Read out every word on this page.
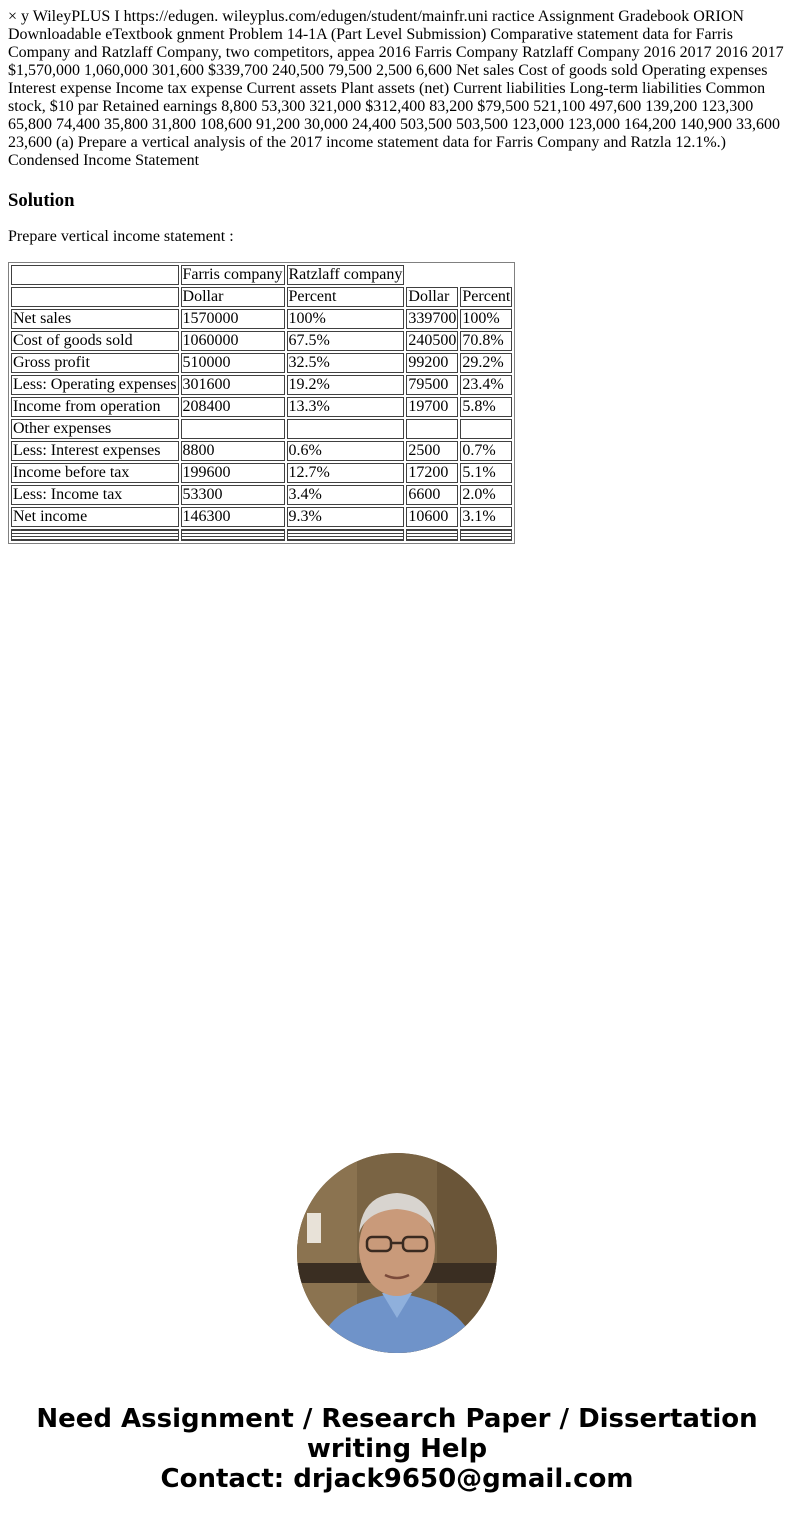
× y WileyPLUS I https://edugen. wileyplus.com/edugen/student/mainfr.uni ractice Assignment Gradebook ORION Downloadable eTextbook gnment Problem 14-1A (Part Level Submission) Comparative statement data for Farris Company and Ratzlaff Company, two competitors, appea 2016 Farris Company Ratzlaff Company 2016 2017 2016 2017 $1,570,000 1,060,000 301,600 $339,700 240,500 79,500 2,500 6,600 Net sales Cost of goods sold Operating expenses Interest expense Income tax expense Current assets Plant assets (net) Current liabilities Long-term liabilities Common stock, $10 par Retained earnings 8,800 53,300 321,000 $312,400 83,200 $79,500 521,100 497,600 139,200 123,300 65,800 74,400 35,800 31,800 108,600 91,200 30,000 24,400 503,500 503,500 123,000 123,000 164,200 140,900 33,600 23,600 (a) Prepare a vertical analysis of the 2017 income statement data for Farris Company and Ratzla 12.1%.) Condensed Income Statement

Solution

Prepare vertical income statement :

	Farris company	Ratzlaff company		
	Dollar	Percent	Dollar	Percent
Net sales	1570000	100%	339700	100%
Cost of goods sold	1060000	67.5%	240500	70.8%
Gross profit	510000	32.5%	99200	29.2%
Less: Operating expenses	301600	19.2%	79500	23.4%
Income from operation	208400	13.3%	19700	5.8%
Other expenses				
Less: Interest expenses	8800	0.6%	2500	0.7%
Income before tax	199600	12.7%	17200	5.1%
Less: Income tax	53300	3.4%	6600	2.0%
Net income	146300	9.3%	10600	3.1%

Need Assignment / Research Paper / Dissertation
writing Help
Contact: drjack9650@gmail.com
